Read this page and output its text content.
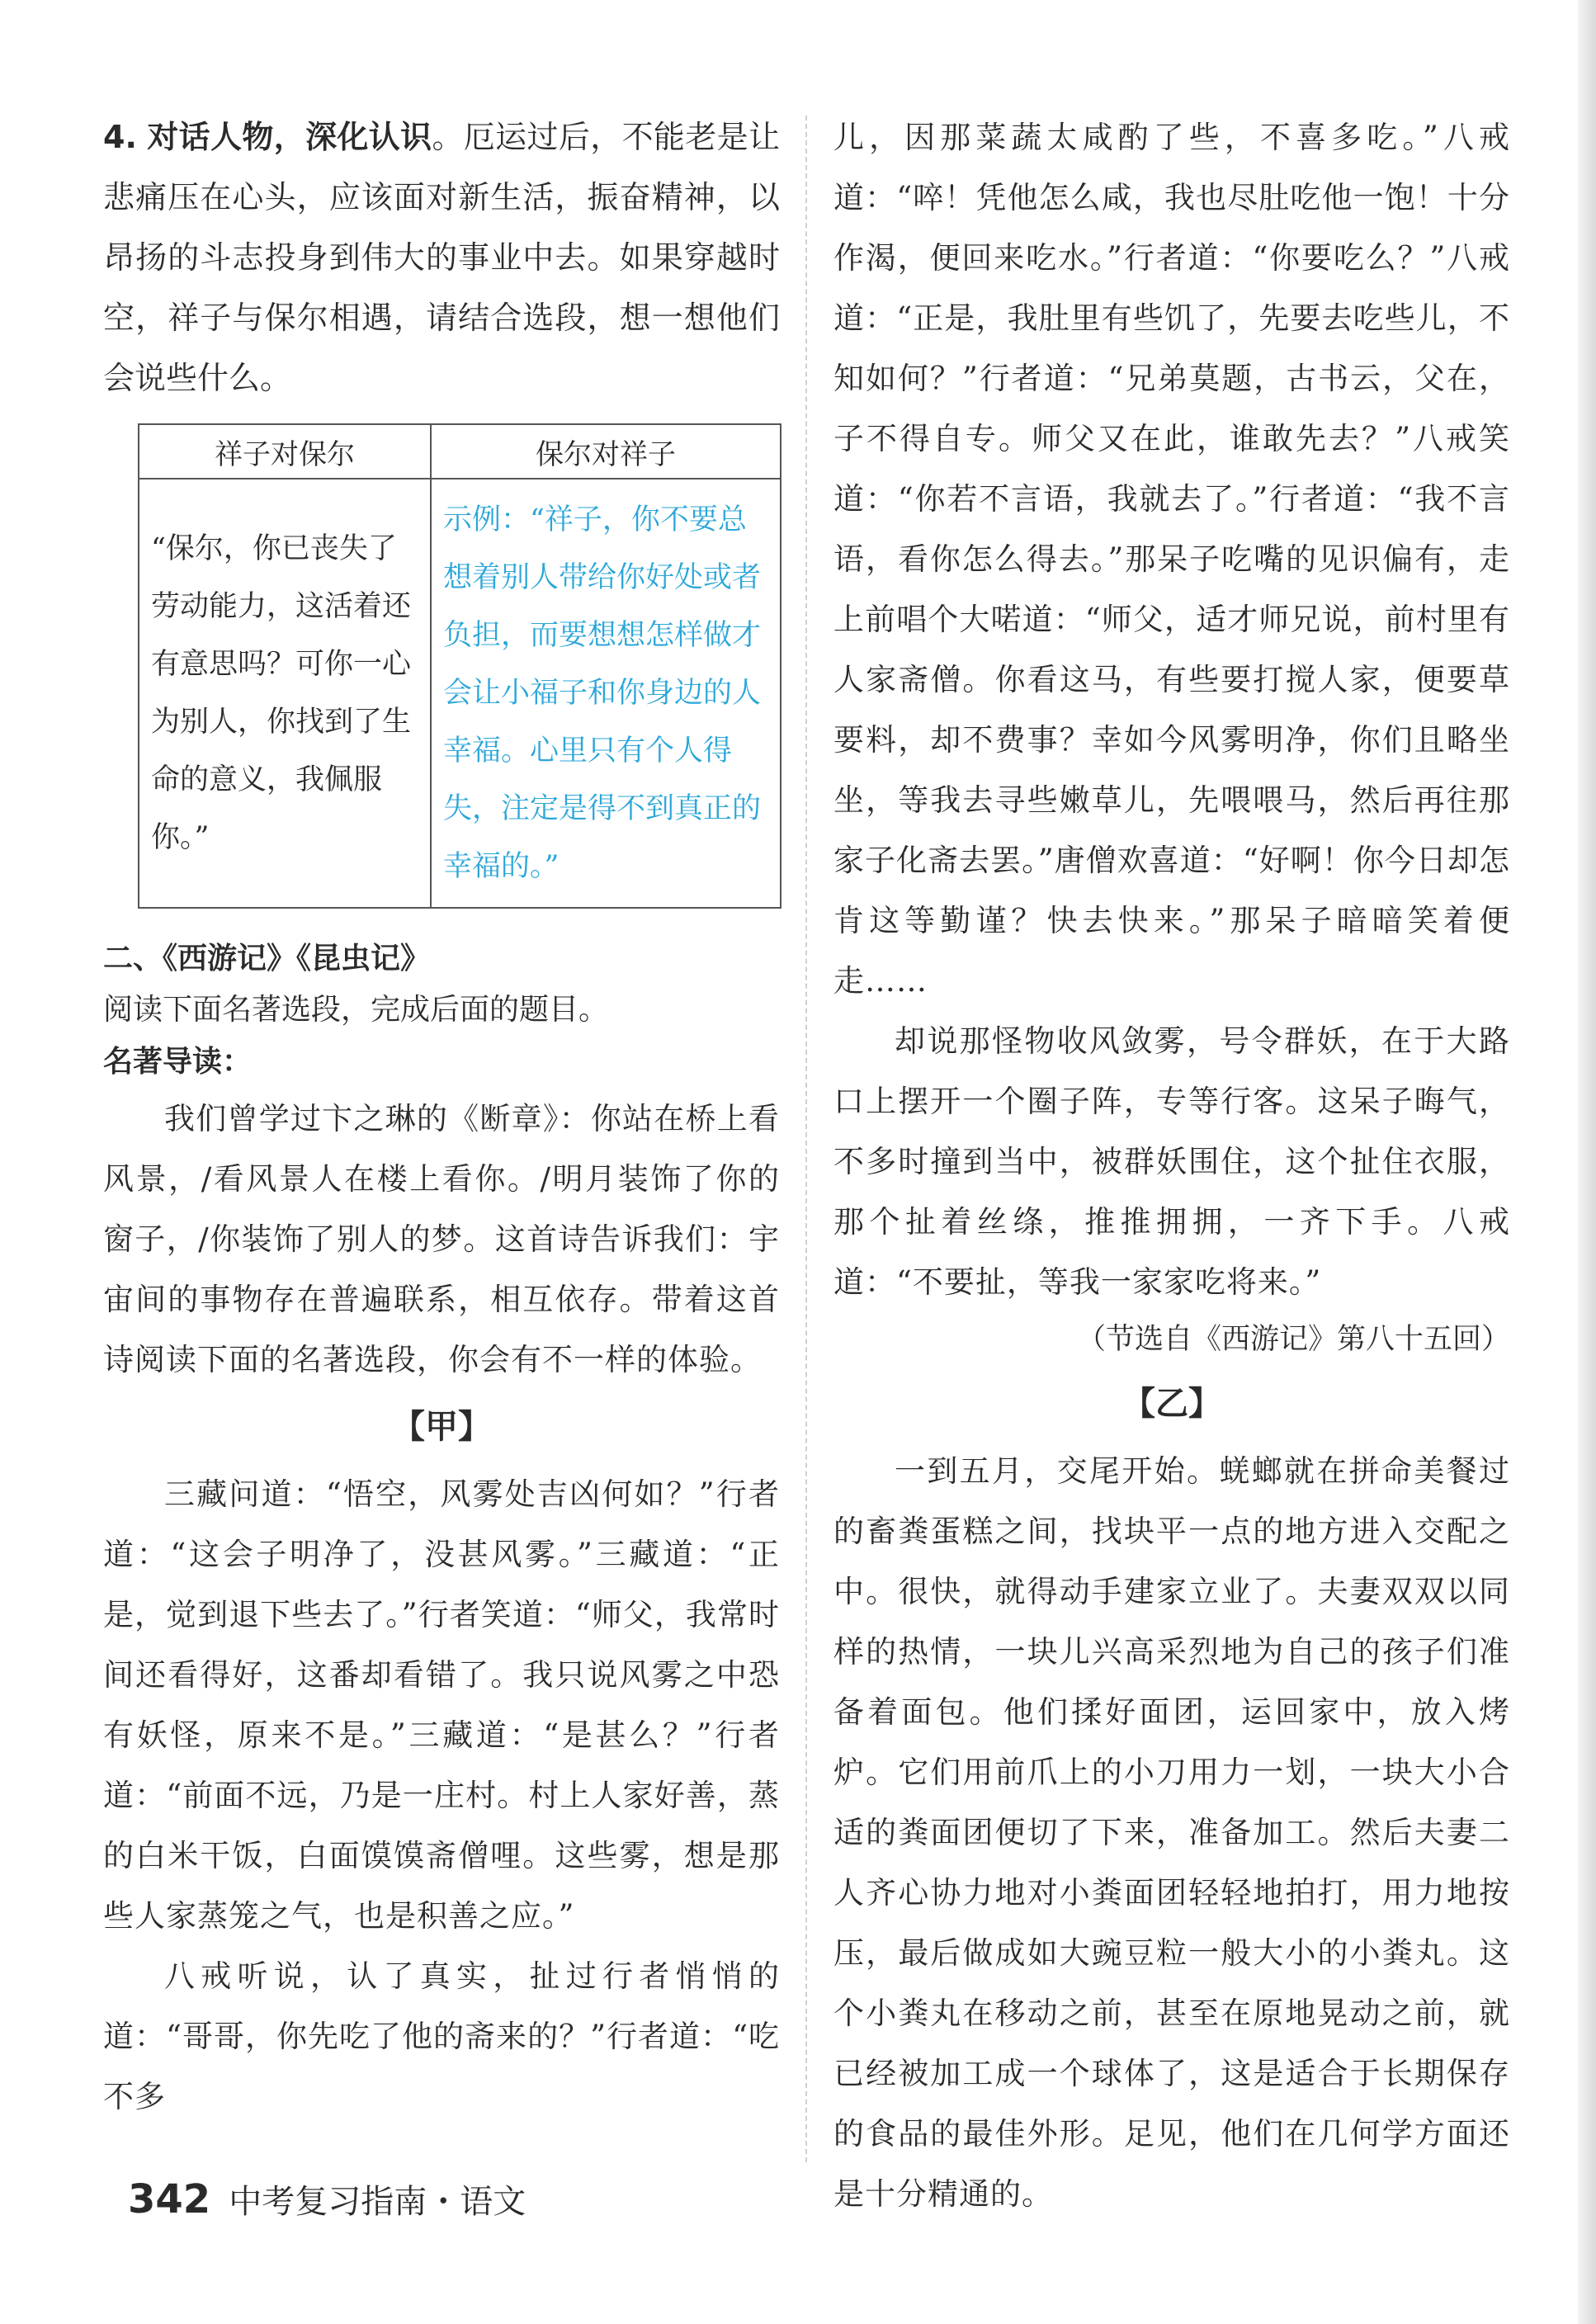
4. 对话人物，深化认识。厄运过后，不能老是让悲痛压在心头，应该面对新生活，振奋精神，以昂扬的斗志投身到伟大的事业中去。如果穿越时空，祥子与保尔相遇，请结合选段，想一想他们会说些什么。

祥子对保尔	保尔对祥子
“保尔，你已丧失了劳动能力，这活着还有意思吗？可你一心为别人，你找到了生命的意义，我佩服你。”	示例：“祥子，你不要总想着别人带给你好处或者负担，而要想想怎样做才会让小福子和你身边的人幸福。心里只有个人得失，注定是得不到真正的幸福的。”

二、《西游记》《昆虫记》

阅读下面名著选段，完成后面的题目。

名著导读：

我们曾学过卞之琳的《断章》：你站在桥上看风景，/看风景人在楼上看你。/明月装饰了你的窗子，/你装饰了别人的梦。这首诗告诉我们：宇宙间的事物存在普遍联系，相互依存。带着这首诗阅读下面的名著选段，你会有不一样的体验。

【甲】

三藏问道：“悟空，风雾处吉凶何如？”行者道：“这会子明净了，没甚风雾。”三藏道：“正是，觉到退下些去了。”行者笑道：“师父，我常时间还看得好，这番却看错了。我只说风雾之中恐有妖怪，原来不是。”三藏道：“是甚么？”行者道：“前面不远，乃是一庄村。村上人家好善，蒸的白米干饭，白面馍馍斋僧哩。这些雾，想是那些人家蒸笼之气，也是积善之应。”

八戒听说，认了真实，扯过行者悄悄的道：“哥哥，你先吃了他的斋来的？”行者道：“吃不多

儿，因那菜蔬太咸酌了些，不喜多吃。”八戒道：“啐！凭他怎么咸，我也尽肚吃他一饱！十分作渴，便回来吃水。”行者道：“你要吃么？”八戒道：“正是，我肚里有些饥了，先要去吃些儿，不知如何？”行者道：“兄弟莫题，古书云，父在，子不得自专。师父又在此，谁敢先去？”八戒笑道：“你若不言语，我就去了。”行者道：“我不言语，看你怎么得去。”那呆子吃嘴的见识偏有，走上前唱个大喏道：“师父，适才师兄说，前村里有人家斋僧。你看这马，有些要打搅人家，便要草要料，却不费事？幸如今风雾明净，你们且略坐坐，等我去寻些嫩草儿，先喂喂马，然后再往那家子化斋去罢。”唐僧欢喜道：“好啊！你今日却怎肯这等勤谨？快去快来。”那呆子暗暗笑着便走……

却说那怪物收风敛雾，号令群妖，在于大路口上摆开一个圈子阵，专等行客。这呆子晦气，不多时撞到当中，被群妖围住，这个扯住衣服，那个扯着丝绦，推推拥拥，一齐下手。八戒道：“不要扯，等我一家家吃将来。”

（节选自《西游记》第八十五回）

【乙】

一到五月，交尾开始。蜣螂就在拼命美餐过的畜粪蛋糕之间，找块平一点的地方进入交配之中。很快，就得动手建家立业了。夫妻双双以同样的热情，一块儿兴高采烈地为自己的孩子们准备着面包。他们揉好面团，运回家中，放入烤炉。它们用前爪上的小刀用力一划，一块大小合适的粪面团便切了下来，准备加工。然后夫妻二人齐心协力地对小粪面团轻轻地拍打，用力地按压，最后做成如大豌豆粒一般大小的小粪丸。这个小粪丸在移动之前，甚至在原地晃动之前，就已经被加工成一个球体了，这是适合于长期保存的食品的最佳外形。足见，他们在几何学方面还是十分精通的。

342 中考复习指南・语文
